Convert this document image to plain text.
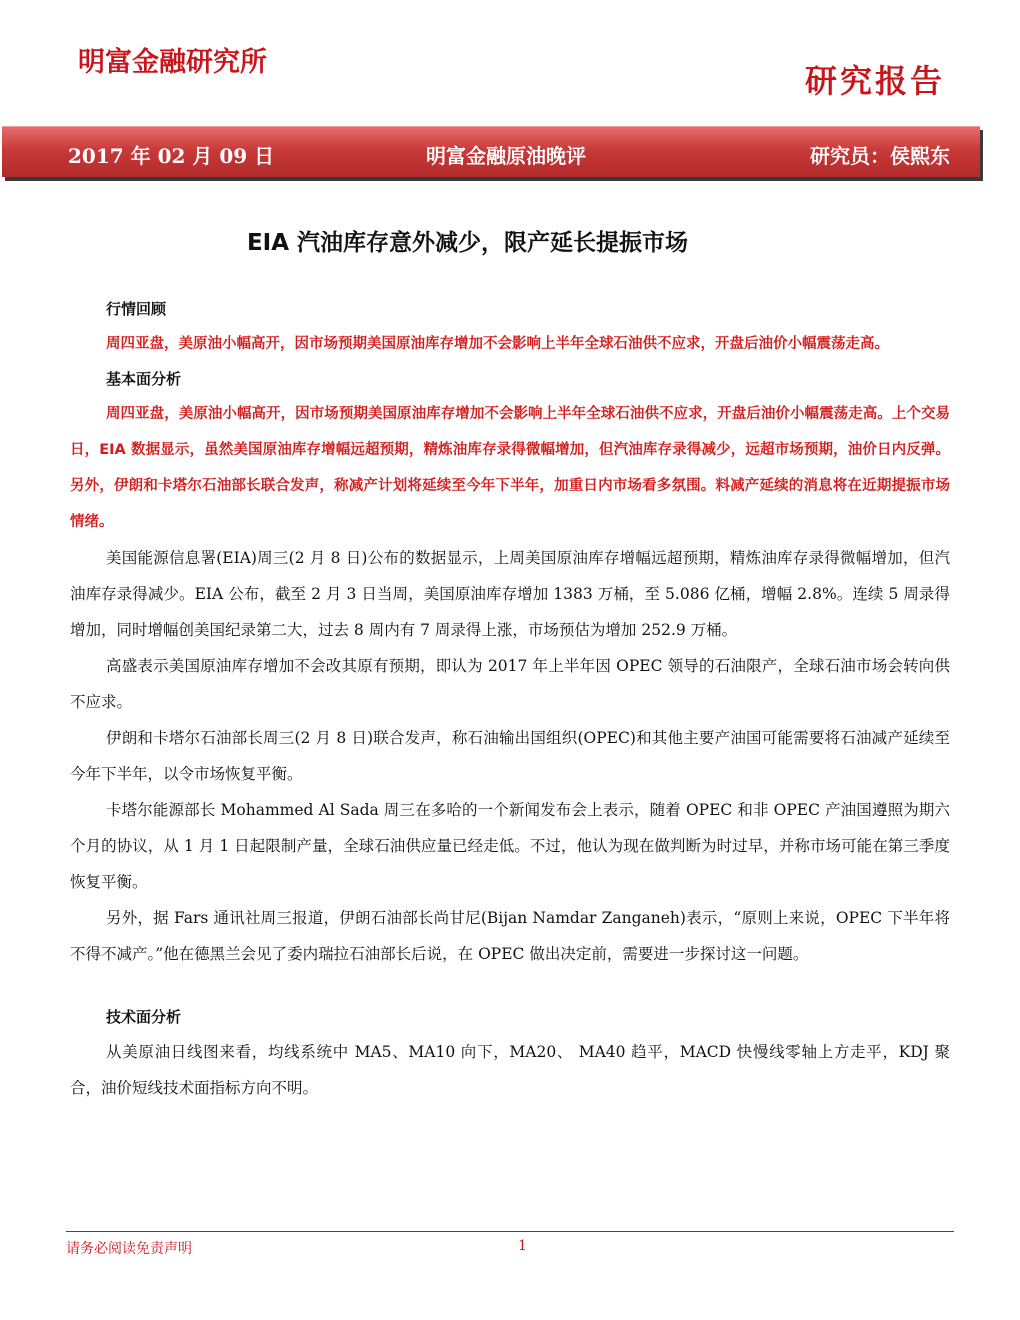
明富金融研究所	研究报告
2017 年 02 月 09 日	明富金融原油晚评	研究员：侯熙东
EIA 汽油库存意外减少，限产延长提振市场

行情回顾

周四亚盘，美原油小幅高开，因市场预期美国原油库存增加不会影响上半年全球石油供不应求，开盘后油价小幅震荡走高。

基本面分析

周四亚盘，美原油小幅高开，因市场预期美国原油库存增加不会影响上半年全球石油供不应求，开盘后油价小幅震荡走高。上个交易日，EIA 数据显示，虽然美国原油库存增幅远超预期，精炼油库存录得微幅增加，但汽油库存录得减少，远超市场预期，油价日内反弹。另外，伊朗和卡塔尔石油部长联合发声，称减产计划将延续至今年下半年，加重日内市场看多氛围。料减产延续的消息将在近期提振市场情绪。

美国能源信息署(EIA)周三(2 月 8 日)公布的数据显示，上周美国原油库存增幅远超预期，精炼油库存录得微幅增加，但汽油库存录得减少。EIA 公布，截至 2 月 3 日当周，美国原油库存增加 1383 万桶，至 5.086 亿桶，增幅 2.8%。连续 5 周录得增加，同时增幅创美国纪录第二大，过去 8 周内有 7 周录得上涨，市场预估为增加 252.9 万桶。

高盛表示美国原油库存增加不会改其原有预期，即认为 2017 年上半年因 OPEC 领导的石油限产，全球石油市场会转向供不应求。

伊朗和卡塔尔石油部长周三(2 月 8 日)联合发声，称石油输出国组织(OPEC)和其他主要产油国可能需要将石油减产延续至今年下半年，以令市场恢复平衡。

卡塔尔能源部长 Mohammed Al Sada 周三在多哈的一个新闻发布会上表示，随着 OPEC 和非 OPEC 产油国遵照为期六个月的协议，从 1 月 1 日起限制产量，全球石油供应量已经走低。不过，他认为现在做判断为时过早，并称市场可能在第三季度恢复平衡。

另外，据 Fars 通讯社周三报道，伊朗石油部长尚甘尼(Bijan Namdar Zanganeh)表示，“原则上来说，OPEC 下半年将不得不减产。”他在德黑兰会见了委内瑞拉石油部长后说，在 OPEC 做出决定前，需要进一步探讨这一问题。

技术面分析

从美原油日线图来看，均线系统中 MA5、MA10 向下，MA20、 MA40 趋平，MACD 快慢线零轴上方走平，KDJ 聚合，油价短线技术面指标方向不明。

请务必阅读免责声明	1
